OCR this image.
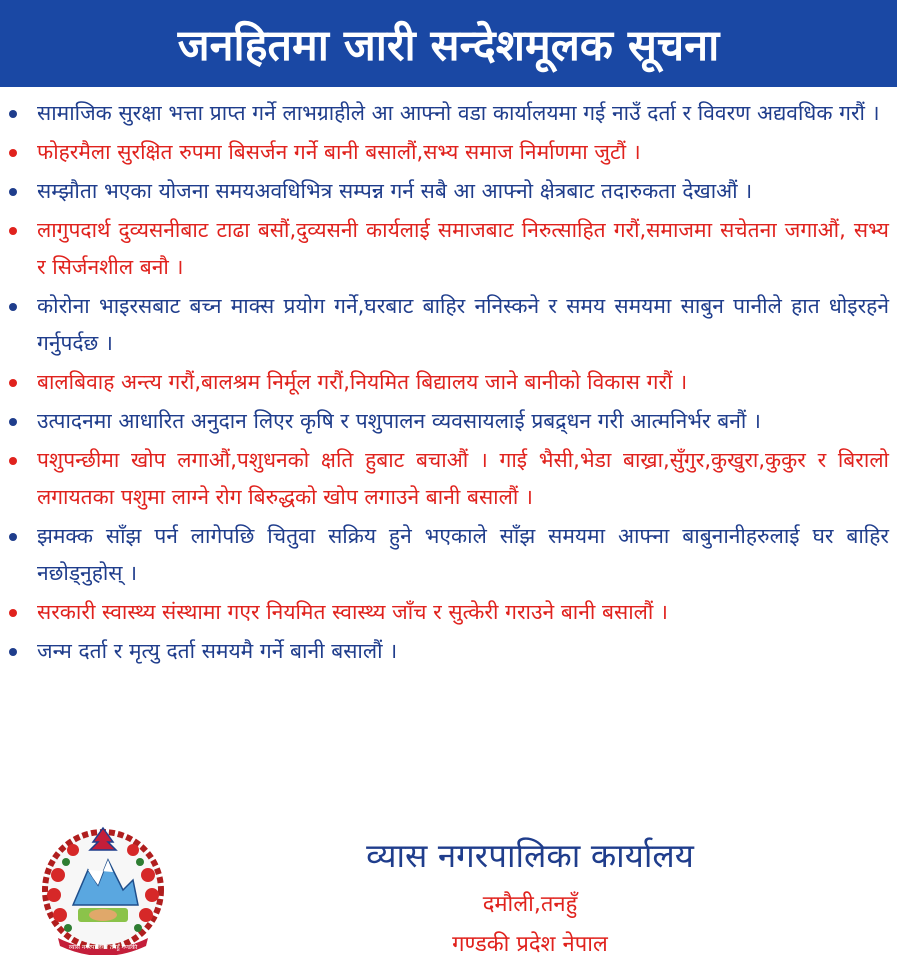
जनहितमा जारी सन्देशमूलक सूचना
सामाजिक सुरक्षा भत्ता प्राप्त गर्ने लाभग्राहीले आ आफ्नो वडा कार्यालयमा गई नाउँ दर्ता र विवरण अद्यवधिक गरौं ।
फोहरमैला सुरक्षित रुपमा बिसर्जन गर्ने बानी बसालौं,सभ्य समाज निर्माणमा जुटौं ।
सम्झौता भएका योजना समयअवधिभित्र सम्पन्न गर्न सबै आ आफ्नो क्षेत्रबाट तदारुकता देखाऔं ।
लागुपदार्थ दुव्यसनीबाट टाढा बसौं,दुव्यसनी कार्यलाई समाजबाट निरुत्साहित गरौं,समाजमा सचेतना जगाऔं, सभ्य र सिर्जनशील बनौ ।
कोरोना भाइरसबाट बच्न माक्स प्रयोग गर्ने,घरबाट बाहिर ननिस्कने र समय समयमा साबुन पानीले हात धोइरहने गर्नुपर्दछ ।
बालबिवाह अन्त्य गरौं,बालश्रम निर्मूल गरौं,नियमित बिद्यालय जाने बानीको विकास गरौं ।
उत्पादनमा आधारित अनुदान लिएर कृषि र पशुपालन व्यवसायलाई प्रबद्र्धन गरी आत्मनिर्भर बनौं ।
पशुपन्छीमा खोप लगाऔं,पशुधनको क्षति हुबाट बचाऔं । गाई भैसी,भेडा बाख्रा,सुँगुर,कुखुरा,कुकुर र बिरालो लगायतका पशुमा लाग्ने रोग बिरुद्धको खोप लगाउने बानी बसालौं ।
झमक्क साँझ पर्न लागेपछि चितुवा सक्रिय हुने भएकाले साँझ समयमा आफ्ना बाबुनानीहरुलाई घर बाहिर नछोड्नुहोस् ।
सरकारी स्वास्थ्य संस्थामा गएर नियमित स्वास्थ्य जाँच र सुत्केरी गराउने बानी बसालौं ।
जन्म दर्ता र मृत्यु दर्ता समयमै गर्ने बानी बसालौं ।
व्यास नगरपालिका तनहुँ गण्डकी
व्यास नगरपालिका कार्यालय
दमौली,तनहुँ
गण्डकी प्रदेश नेपाल
